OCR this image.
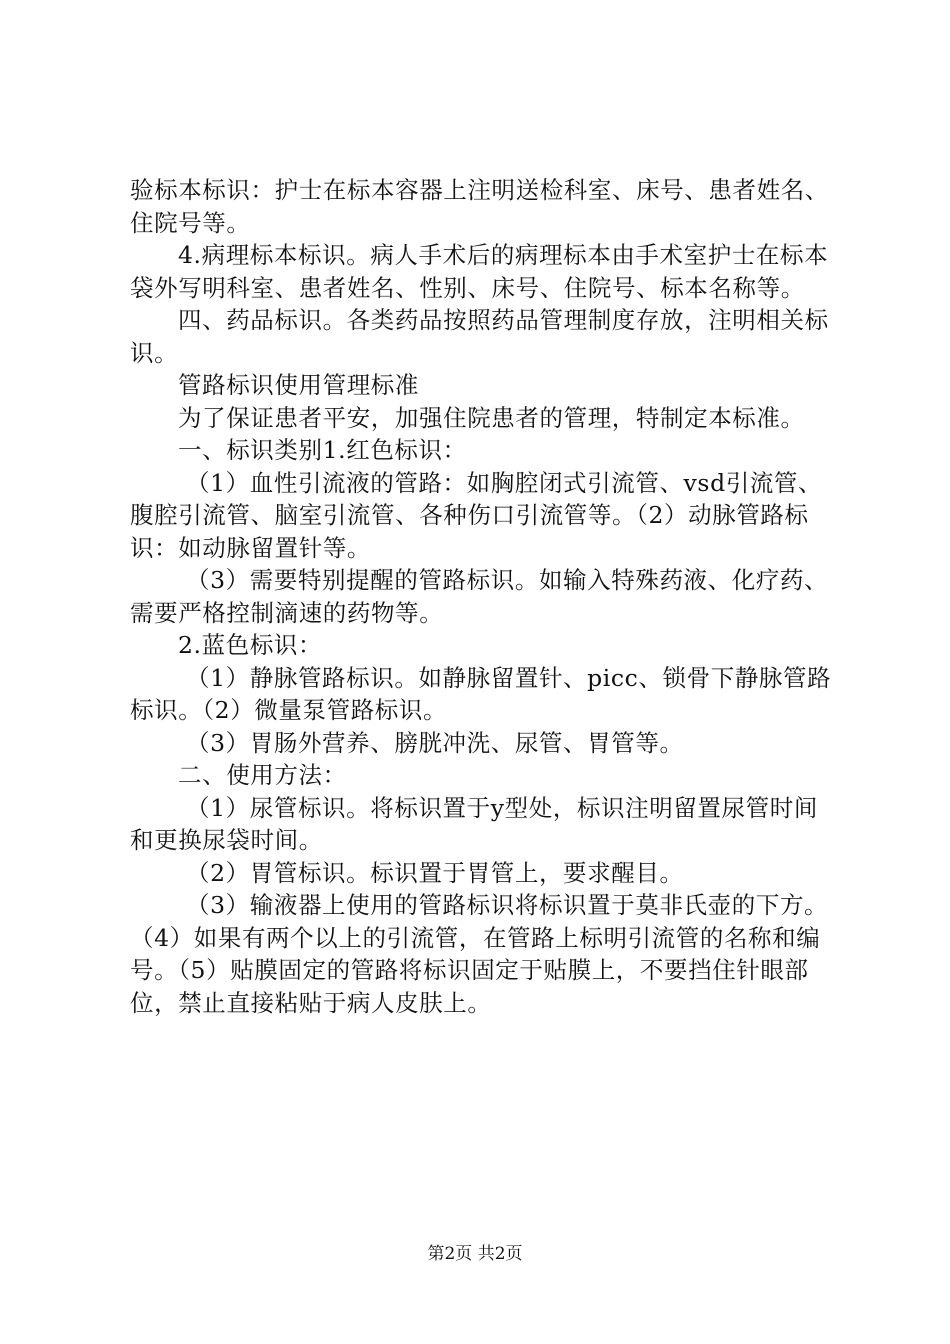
验标本标识：护士在标本容器上注明送检科室、床号、患者姓名、住院号等。

4.病理标本标识。病人手术后的病理标本由手术室护士在标本袋外写明科室、患者姓名、性别、床号、住院号、标本名称等。

四、药品标识。各类药品按照药品管理制度存放，注明相关标识。

管路标识使用管理标准

为了保证患者平安，加强住院患者的管理，特制定本标准。

一、标识类别1.红色标识：

（1）血性引流液的管路：如胸腔闭式引流管、vsd引流管、腹腔引流管、脑室引流管、各种伤口引流管等。（2）动脉管路标识：如动脉留置针等。

（3）需要特别提醒的管路标识。如输入特殊药液、化疗药、需要严格控制滴速的药物等。

2.蓝色标识：

（1）静脉管路标识。如静脉留置针、picc、锁骨下静脉管路标识。（2）微量泵管路标识。

（3）胃肠外营养、膀胱冲洗、尿管、胃管等。

二、使用方法：

（1）尿管标识。将标识置于y型处，标识注明留置尿管时间和更换尿袋时间。

（2）胃管标识。标识置于胃管上，要求醒目。

（3）输液器上使用的管路标识将标识置于莫非氏壶的下方。（4）如果有两个以上的引流管，在管路上标明引流管的名称和编号。（5）贴膜固定的管路将标识固定于贴膜上，不要挡住针眼部位，禁止直接粘贴于病人皮肤上。

第2页 共2页
